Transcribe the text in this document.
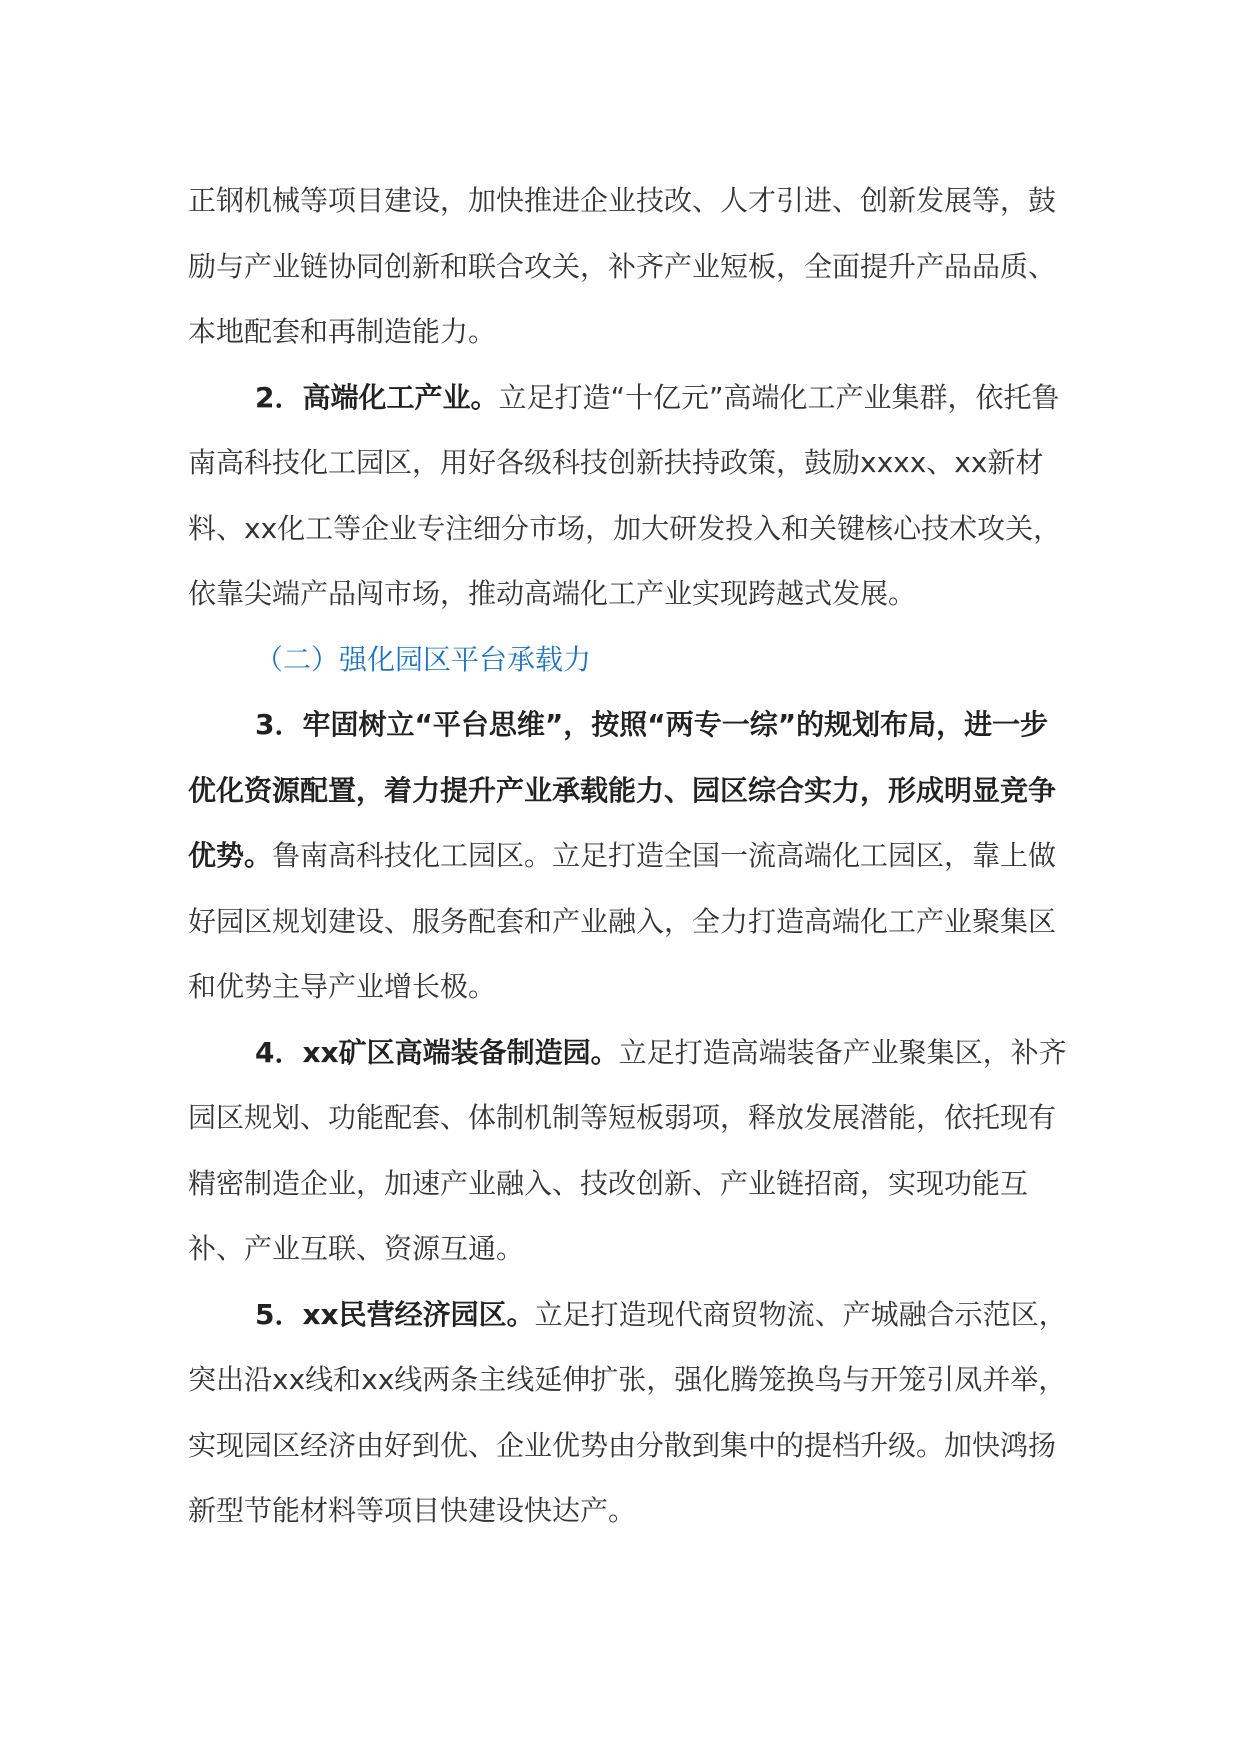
正钢机械等项目建设，加快推进企业技改、人才引进、创新发展等，鼓励与产业链协同创新和联合攻关，补齐产业短板，全面提升产品品质、本地配套和再制造能力。

2．高端化工产业。立足打造“十亿元”高端化工产业集群，依托鲁南高科技化工园区，用好各级科技创新扶持政策，鼓励xxxx、xx新材料、xx化工等企业专注细分市场，加大研发投入和关键核心技术攻关，依靠尖端产品闯市场，推动高端化工产业实现跨越式发展。

（二）强化园区平台承载力

3．牢固树立“平台思维”，按照“两专一综”的规划布局，进一步优化资源配置，着力提升产业承载能力、园区综合实力，形成明显竞争优势。鲁南高科技化工园区。立足打造全国一流高端化工园区，靠上做好园区规划建设、服务配套和产业融入，全力打造高端化工产业聚集区和优势主导产业增长极。

4．xx矿区高端装备制造园。立足打造高端装备产业聚集区，补齐园区规划、功能配套、体制机制等短板弱项，释放发展潜能，依托现有精密制造企业，加速产业融入、技改创新、产业链招商，实现功能互补、产业互联、资源互通。

5．xx民营经济园区。立足打造现代商贸物流、产城融合示范区，突出沿xx线和xx线两条主线延伸扩张，强化腾笼换鸟与开笼引凤并举，实现园区经济由好到优、企业优势由分散到集中的提档升级。加快鸿扬新型节能材料等项目快建设快达产。
